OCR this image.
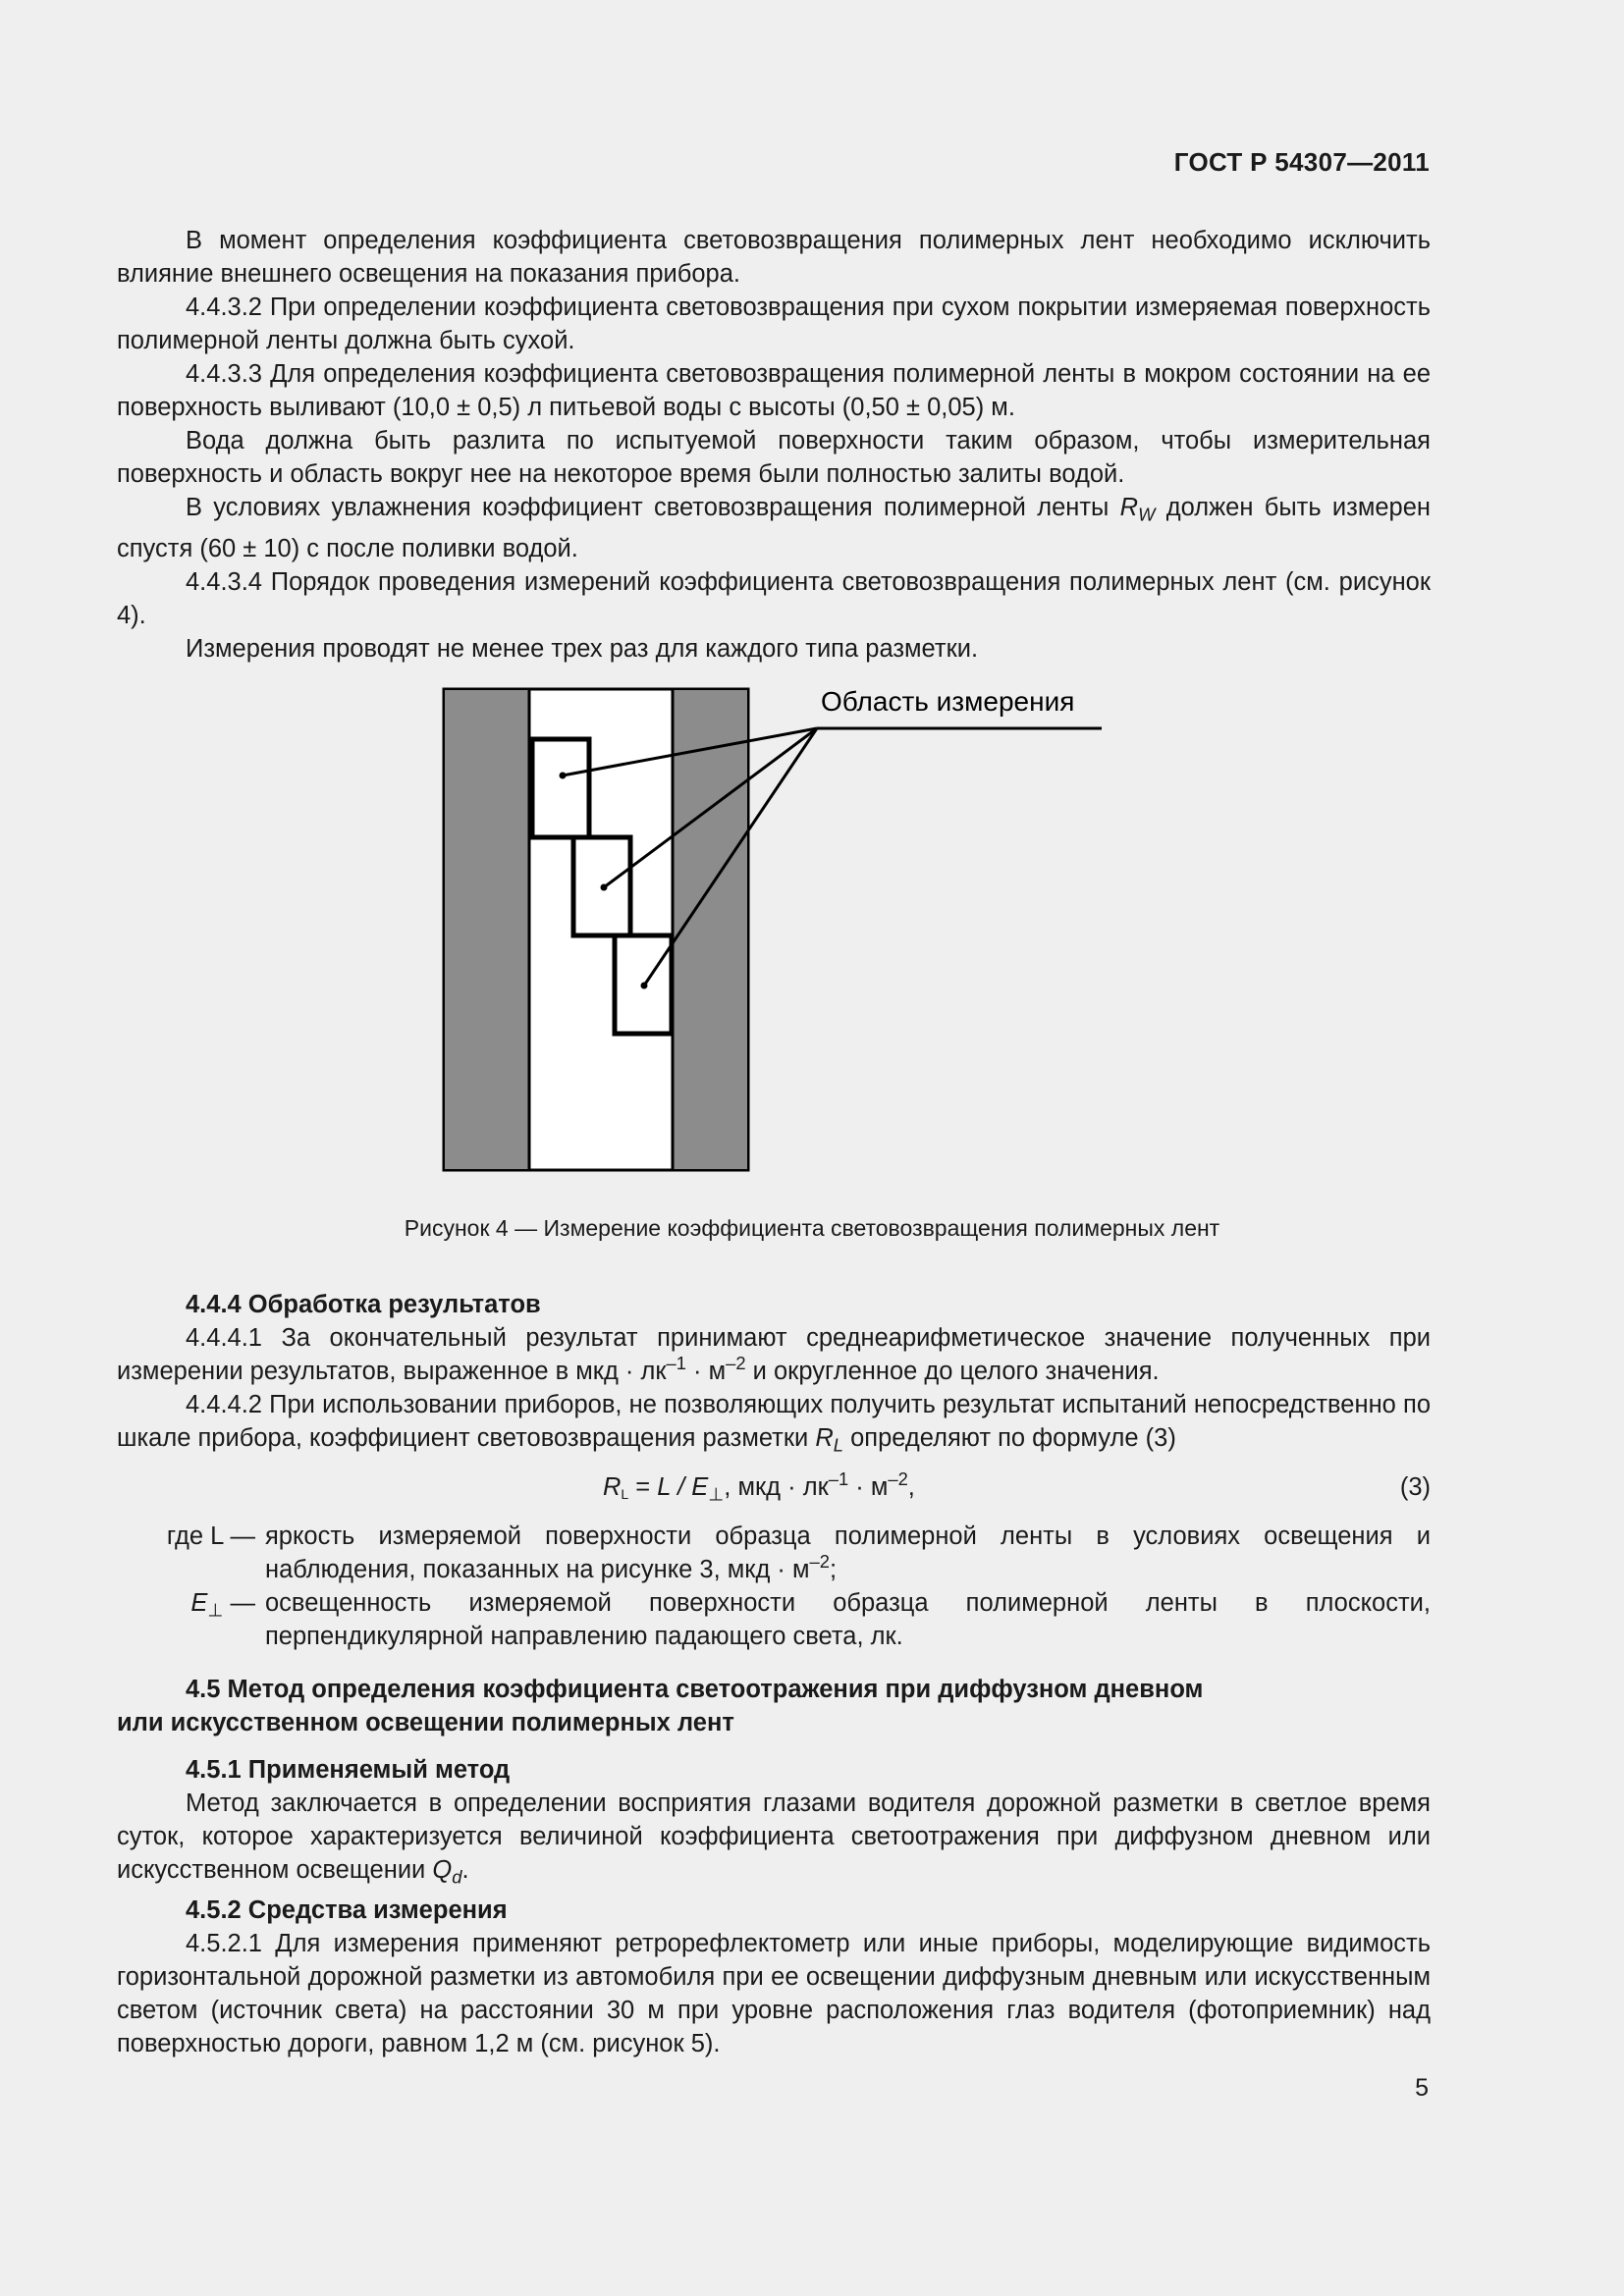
ГОСТ Р 54307—2011

В момент определения коэффициента световозвращения полимерных лент необходимо исключить влияние внешнего освещения на показания прибора.

4.4.3.2 При определении коэффициента световозвращения при сухом покрытии измеряемая поверхность полимерной ленты должна быть сухой.

4.4.3.3 Для определения коэффициента световозвращения полимерной ленты в мокром состоянии на ее поверхность выливают (10,0 ± 0,5) л питьевой воды с высоты (0,50 ± 0,05) м.

Вода должна быть разлита по испытуемой поверхности таким образом, чтобы измерительная поверхность и область вокруг нее на некоторое время были полностью залиты водой.

В условиях увлажнения коэффициент световозвращения полимерной ленты $R_W$ должен быть измерен спустя (60 ± 10) с после поливки водой.

4.4.3.4 Порядок проведения измерений коэффициента световозвращения полимерных лент (см. рисунок 4).

Измерения проводят не менее трех раз для каждого типа разметки.

Область измерения
Рисунок 4 — Измерение коэффициента световозвращения полимерных лент

4.4.4 Обработка результатов

4.4.4.1 За окончательный результат принимают среднеарифметическое значение полученных при измерении результатов, выраженное в мкд · $лк^{-1} \cdot м^{-2}$ и округленное до целого значения.

4.4.4.2 При использовании приборов, не позволяющих получить результат испытаний непосредственно по шкале прибора, коэффициент световозвращения разметки $R_L$ определяют по формуле (3)

$R_L = L / E_\perp$, мкд · $лк^{-1} \cdot м^{-2}$,	(3)
где L — яркость измеряемой поверхности образца полимерной ленты в условиях освещения и наблюдения, показанных на рисунке 3, мкд · $м^{-2}$;
$E_\perp$ — освещенность измеряемой поверхности образца полимерной ленты в плоскости, перпендикулярной направлению падающего света, лк.

4.5 Метод определения коэффициента светоотражения при диффузном дневном
или искусственном освещении полимерных лент

4.5.1 Применяемый метод

Метод заключается в определении восприятия глазами водителя дорожной разметки в светлое время суток, которое характеризуется величиной коэффициента светоотражения при диффузном дневном или искусственном освещении $Q_d$.

4.5.2 Средства измерения

4.5.2.1 Для измерения применяют ретрорефлектометр или иные приборы, моделирующие видимость горизонтальной дорожной разметки из автомобиля при ее освещении диффузным дневным или искусственным светом (источник света) на расстоянии 30 м при уровне расположения глаз водителя (фотоприемник) над поверхностью дороги, равном 1,2 м (см. рисунок 5).

5
